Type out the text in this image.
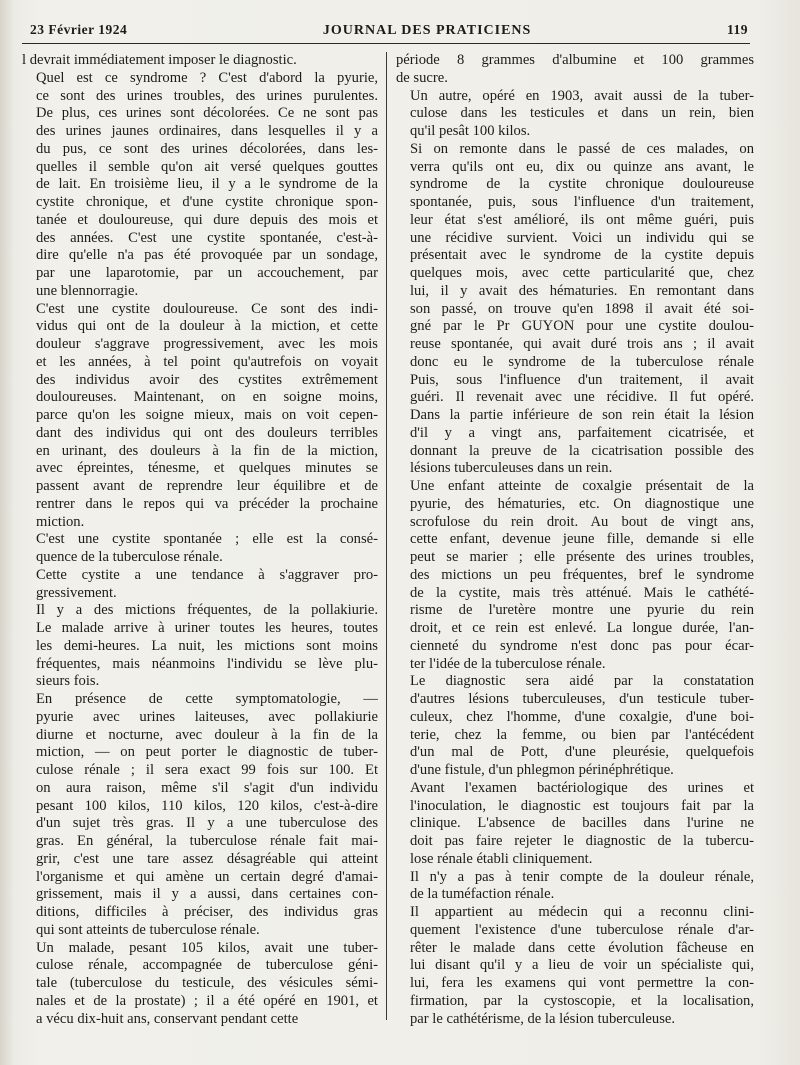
23 Février 1924	JOURNAL DES PRATICIENS	119

l devrait immédiatement imposer le diagnostic.

Quel est ce syndrome ? C'est d'abord la pyurie,
ce sont des urines troubles, des urines purulentes.
De plus, ces urines sont décolorées. Ce ne sont pas
des urines jaunes ordinaires, dans lesquelles il y a
du pus, ce sont des urines décolorées, dans les-
quelles il semble qu'on ait versé quelques gouttes
de lait. En troisième lieu, il y a le syndrome de la
cystite chronique, et d'une cystite chronique spon-
tanée et douloureuse, qui dure depuis des mois et
des années. C'est une cystite spontanée, c'est-à-
dire qu'elle n'a pas été provoquée par un sondage,
par une laparotomie, par un accouchement, par
une blennorragie.

C'est une cystite douloureuse. Ce sont des indi-
vidus qui ont de la douleur à la miction, et cette
douleur s'aggrave progressivement, avec les mois
et les années, à tel point qu'autrefois on voyait
des individus avoir des cystites extrêmement
douloureuses. Maintenant, on en soigne moins,
parce qu'on les soigne mieux, mais on voit cepen-
dant des individus qui ont des douleurs terribles
en urinant, des douleurs à la fin de la miction,
avec épreintes, ténesme, et quelques minutes se
passent avant de reprendre leur équilibre et de
rentrer dans le repos qui va précéder la prochaine
miction.

C'est une cystite spontanée ; elle est la consé-
quence de la tuberculose rénale.

Cette cystite a une tendance à s'aggraver pro-
gressivement.

Il y a des mictions fréquentes, de la pollakiurie.
Le malade arrive à uriner toutes les heures, toutes
les demi-heures. La nuit, les mictions sont moins
fréquentes, mais néanmoins l'individu se lève plu-
sieurs fois.

En présence de cette symptomatologie, —
pyurie avec urines laiteuses, avec pollakiurie
diurne et nocturne, avec douleur à la fin de la
miction, — on peut porter le diagnostic de tuber-
culose rénale ; il sera exact 99 fois sur 100. Et
on aura raison, même s'il s'agit d'un individu
pesant 100 kilos, 110 kilos, 120 kilos, c'est-à-dire
d'un sujet très gras. Il y a une tuberculose des
gras. En général, la tuberculose rénale fait mai-
grir, c'est une tare assez désagréable qui atteint
l'organisme et qui amène un certain degré d'amai-
grissement, mais il y a aussi, dans certaines con-
ditions, difficiles à préciser, des individus gras
qui sont atteints de tuberculose rénale.

Un malade, pesant 105 kilos, avait une tuber-
culose rénale, accompagnée de tuberculose géni-
tale (tuberculose du testicule, des vésicules sémi-
nales et de la prostate) ; il a été opéré en 1901, et
a vécu dix-huit ans, conservant pendant cette

période 8 grammes d'albumine et 100 grammes
de sucre.

Un autre, opéré en 1903, avait aussi de la tuber-
culose dans les testicules et dans un rein, bien
qu'il pesât 100 kilos.

Si on remonte dans le passé de ces malades, on
verra qu'ils ont eu, dix ou quinze ans avant, le
syndrome de la cystite chronique douloureuse
spontanée, puis, sous l'influence d'un traitement,
leur état s'est amélioré, ils ont même guéri, puis
une récidive survient. Voici un individu qui se
présentait avec le syndrome de la cystite depuis
quelques mois, avec cette particularité que, chez
lui, il y avait des hématuries. En remontant dans
son passé, on trouve qu'en 1898 il avait été soi-
gné par le Pr GUYON pour une cystite doulou-
reuse spontanée, qui avait duré trois ans ; il avait
donc eu le syndrome de la tuberculose rénale
Puis, sous l'influence d'un traitement, il avait
guéri. Il revenait avec une récidive. Il fut opéré.
Dans la partie inférieure de son rein était la lésion
d'il y a vingt ans, parfaitement cicatrisée, et
donnant la preuve de la cicatrisation possible des
lésions tuberculeuses dans un rein.

Une enfant atteinte de coxalgie présentait de la
pyurie, des hématuries, etc. On diagnostique une
scrofulose du rein droit. Au bout de vingt ans,
cette enfant, devenue jeune fille, demande si elle
peut se marier ; elle présente des urines troubles,
des mictions un peu fréquentes, bref le syndrome
de la cystite, mais très atténué. Mais le cathété-
risme de l'uretère montre une pyurie du rein
droit, et ce rein est enlevé. La longue durée, l'an-
cienneté du syndrome n'est donc pas pour écar-
ter l'idée de la tuberculose rénale.

Le diagnostic sera aidé par la constatation
d'autres lésions tuberculeuses, d'un testicule tuber-
culeux, chez l'homme, d'une coxalgie, d'une boi-
terie, chez la femme, ou bien par l'antécédent
d'un mal de Pott, d'une pleurésie, quelquefois
d'une fistule, d'un phlegmon périnéphrétique.

Avant l'examen bactériologique des urines et
l'inoculation, le diagnostic est toujours fait par la
clinique. L'absence de bacilles dans l'urine ne
doit pas faire rejeter le diagnostic de la tubercu-
lose rénale établi cliniquement.

Il n'y a pas à tenir compte de la douleur rénale,
de la tuméfaction rénale.

Il appartient au médecin qui a reconnu clini-
quement l'existence d'une tuberculose rénale d'ar-
rêter le malade dans cette évolution fâcheuse en
lui disant qu'il y a lieu de voir un spécialiste qui,
lui, fera les examens qui vont permettre la con-
firmation, par la cystoscopie, et la localisation,
par le cathétérisme, de la lésion tuberculeuse.
